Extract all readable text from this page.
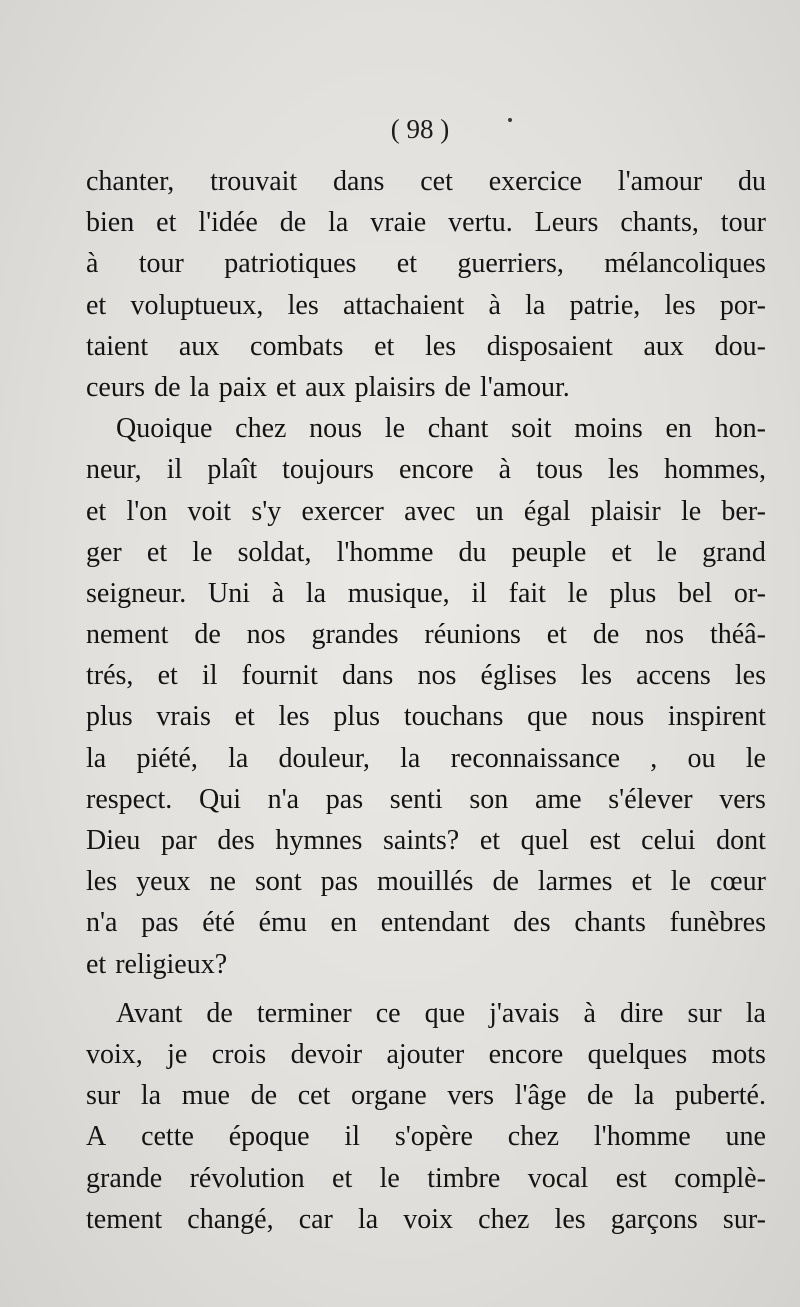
( 98 )
chanter, trouvait dans cet exercice l'amour du
bien et l'idée de la vraie vertu. Leurs chants, tour
à tour patriotiques et guerriers, mélancoliques
et voluptueux, les attachaient à la patrie, les por-
taient aux combats et les disposaient aux dou-
ceurs de la paix et aux plaisirs de l'amour.
Quoique chez nous le chant soit moins en hon-
neur, il plaît toujours encore à tous les hommes,
et l'on voit s'y exercer avec un égal plaisir le ber-
ger et le soldat, l'homme du peuple et le grand
seigneur. Uni à la musique, il fait le plus bel or-
nement de nos grandes réunions et de nos théâ-
trés, et il fournit dans nos églises les accens les
plus vrais et les plus touchans que nous inspirent
la piété, la douleur, la reconnaissance , ou le
respect. Qui n'a pas senti son ame s'élever vers
Dieu par des hymnes saints? et quel est celui dont
les yeux ne sont pas mouillés de larmes et le cœur
n'a pas été ému en entendant des chants funèbres
et religieux?
Avant de terminer ce que j'avais à dire sur la
voix, je crois devoir ajouter encore quelques mots
sur la mue de cet organe vers l'âge de la puberté.
A cette époque il s'opère chez l'homme une
grande révolution et le timbre vocal est complè-
tement changé, car la voix chez les garçons sur-
